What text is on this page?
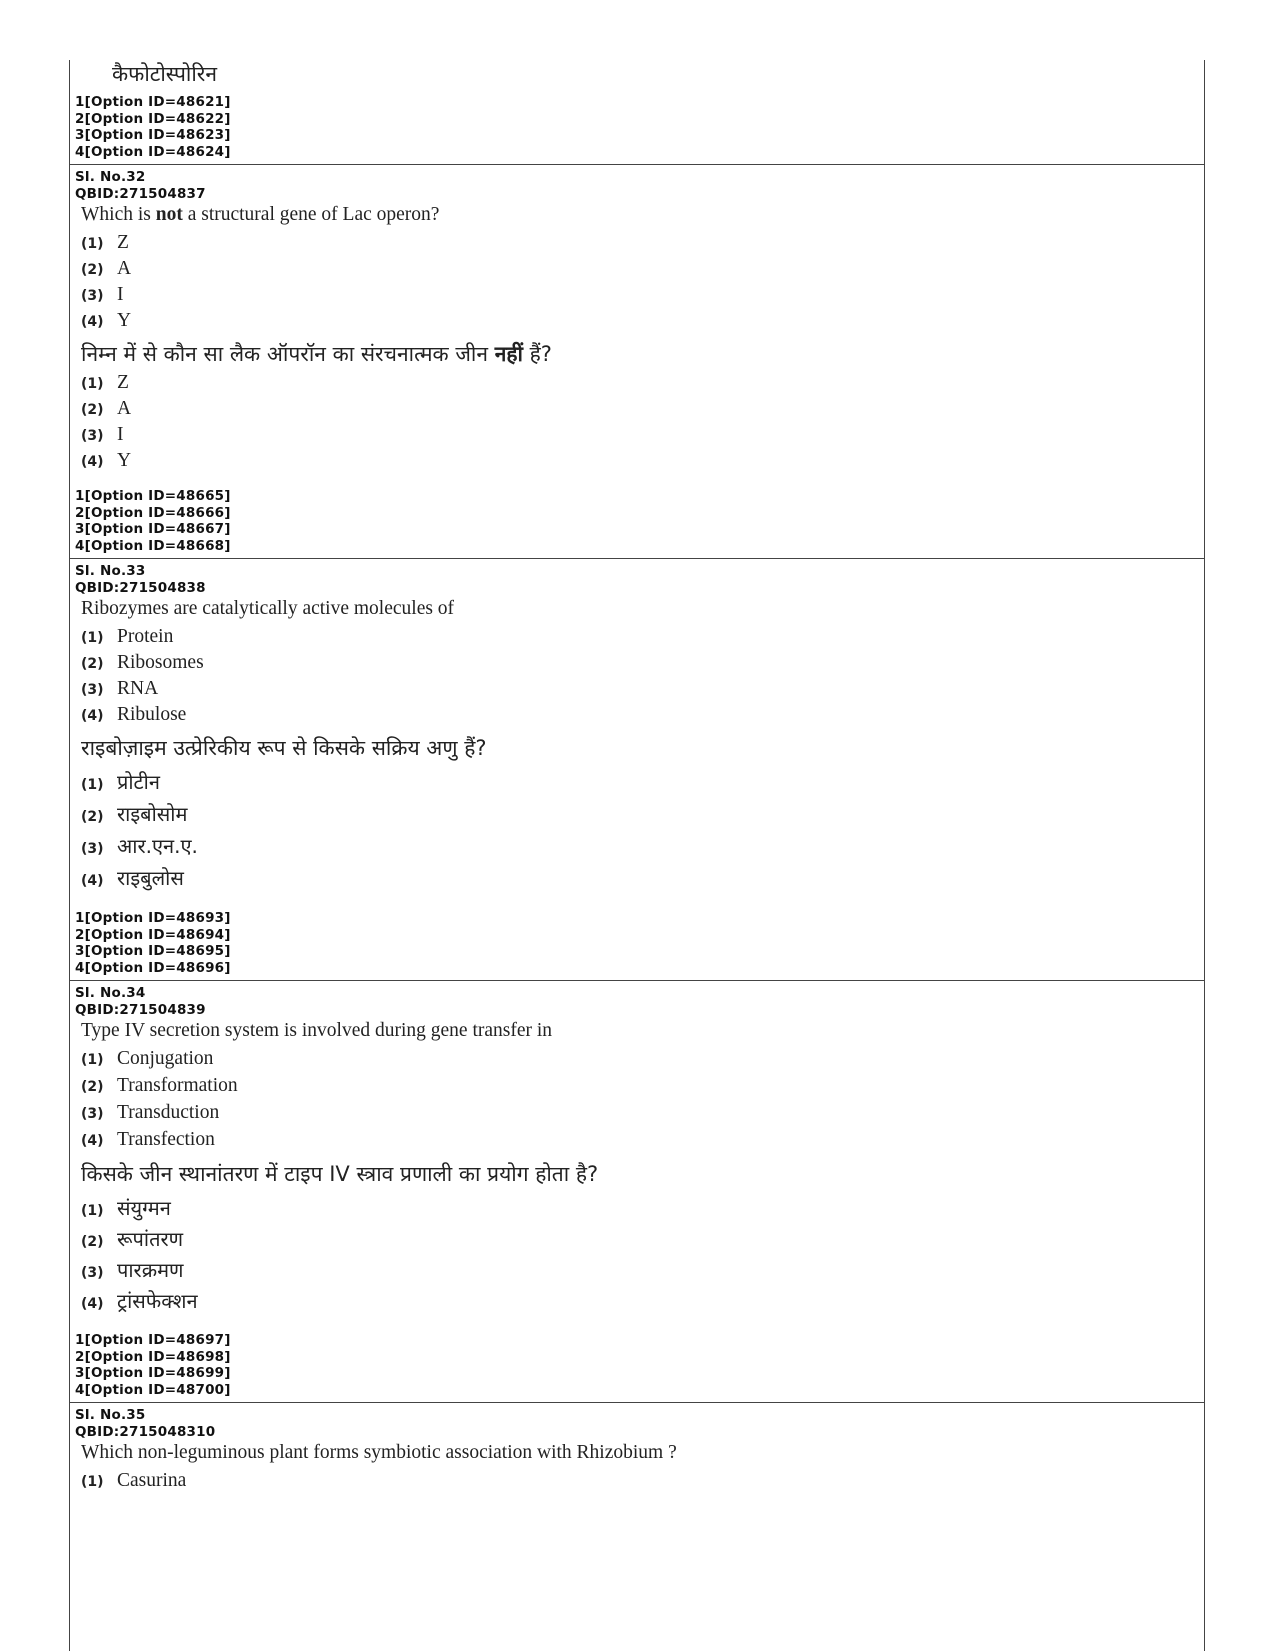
कैफोटोस्पोरिन
1[Option ID=48621]
2[Option ID=48622]
3[Option ID=48623]
4[Option ID=48624]
Sl. No.32
QBID:271504837
Which is not a structural gene of Lac operon?
(1) Z
(2) A
(3) I
(4) Y
निम्न में से कौन सा लैक ऑपरॉन का संरचनात्मक जीन नहीं हैं?
(1) Z
(2) A
(3) I
(4) Y
1[Option ID=48665]
2[Option ID=48666]
3[Option ID=48667]
4[Option ID=48668]
Sl. No.33
QBID:271504838
Ribozymes are catalytically active molecules of
(1) Protein
(2) Ribosomes
(3) RNA
(4) Ribulose
राइबोज़ाइम उत्प्रेरिकीय रूप से किसके सक्रिय अणु हैं?
(1) प्रोटीन
(2) राइबोसोम
(3) आर.एन.ए.
(4) राइबुलोस
1[Option ID=48693]
2[Option ID=48694]
3[Option ID=48695]
4[Option ID=48696]
Sl. No.34
QBID:271504839
Type IV secretion system is involved during gene transfer in
(1) Conjugation
(2) Transformation
(3) Transduction
(4) Transfection
किसके जीन स्थानांतरण में टाइप IV स्त्राव प्रणाली का प्रयोग होता है?
(1) संयुग्मन
(2) रूपांतरण
(3) पारक्रमण
(4) ट्रांसफेक्शन
1[Option ID=48697]
2[Option ID=48698]
3[Option ID=48699]
4[Option ID=48700]
Sl. No.35
QBID:2715048310
Which non-leguminous plant forms symbiotic association with Rhizobium ?
(1) Casurina
